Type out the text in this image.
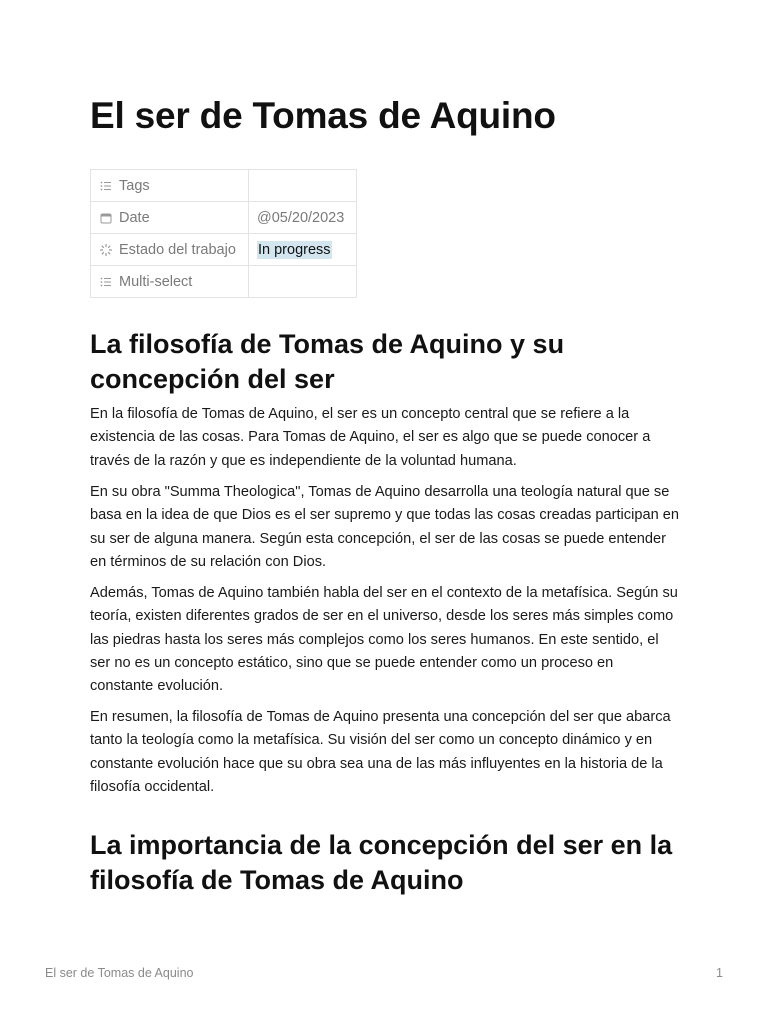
El ser de Tomas de Aquino
Tags	

Date	@05/20/2023

Estado del trabajo	In progress

Multi-select	

La filosofía de Tomas de Aquino y su concepción del ser

En la filosofía de Tomas de Aquino, el ser es un concepto central que se refiere a la existencia de las cosas. Para Tomas de Aquino, el ser es algo que se puede conocer a través de la razón y que es independiente de la voluntad humana.

En su obra "Summa Theologica", Tomas de Aquino desarrolla una teología natural que se basa en la idea de que Dios es el ser supremo y que todas las cosas creadas participan en su ser de alguna manera. Según esta concepción, el ser de las cosas se puede entender en términos de su relación con Dios.

Además, Tomas de Aquino también habla del ser en el contexto de la metafísica. Según su teoría, existen diferentes grados de ser en el universo, desde los seres más simples como las piedras hasta los seres más complejos como los seres humanos. En este sentido, el ser no es un concepto estático, sino que se puede entender como un proceso en constante evolución.

En resumen, la filosofía de Tomas de Aquino presenta una concepción del ser que abarca tanto la teología como la metafísica. Su visión del ser como un concepto dinámico y en constante evolución hace que su obra sea una de las más influyentes en la historia de la filosofía occidental.

La importancia de la concepción del ser en la filosofía de Tomas de Aquino
El ser de Tomas de Aquino	1
